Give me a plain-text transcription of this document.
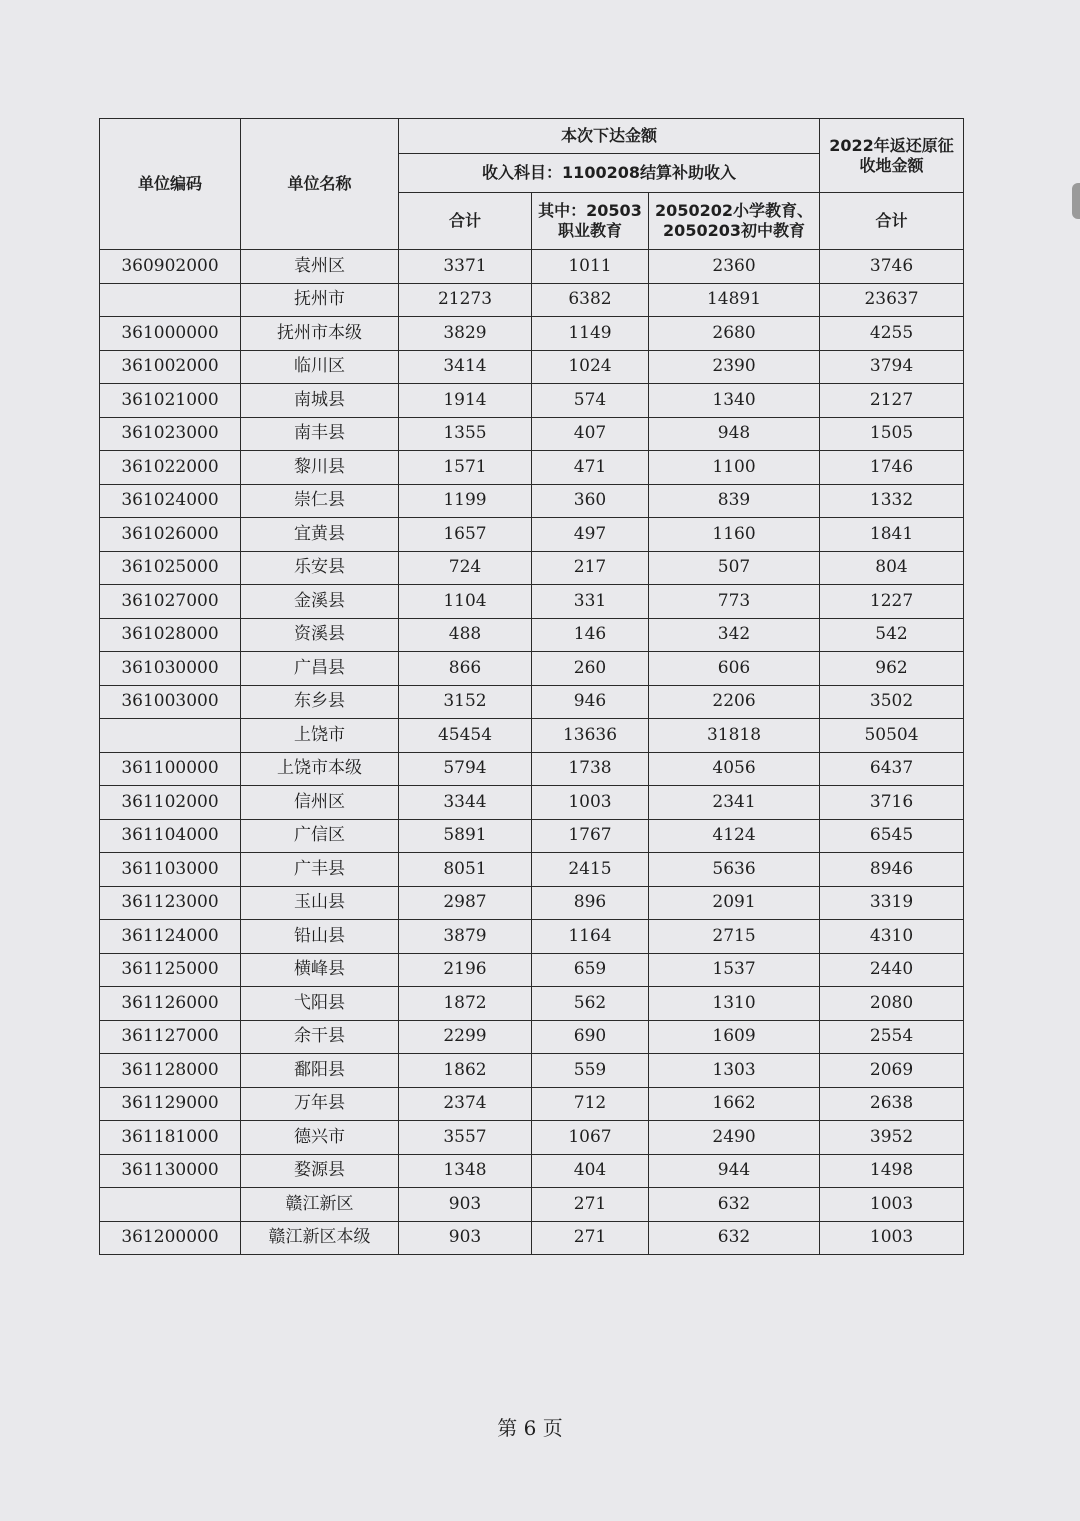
单位编码	单位名称	本次下达金额			2022年返还原征收地金额
		收入科目：1100208结算补助收入			
		合计	其中：20503职业教育	2050202小学教育、2050203初中教育	合计
360902000	袁州区	3371	1011	2360	3746
	抚州市	21273	6382	14891	23637
361000000	抚州市本级	3829	1149	2680	4255
361002000	临川区	3414	1024	2390	3794
361021000	南城县	1914	574	1340	2127
361023000	南丰县	1355	407	948	1505
361022000	黎川县	1571	471	1100	1746
361024000	崇仁县	1199	360	839	1332
361026000	宜黄县	1657	497	1160	1841
361025000	乐安县	724	217	507	804
361027000	金溪县	1104	331	773	1227
361028000	资溪县	488	146	342	542
361030000	广昌县	866	260	606	962
361003000	东乡县	3152	946	2206	3502
	上饶市	45454	13636	31818	50504
361100000	上饶市本级	5794	1738	4056	6437
361102000	信州区	3344	1003	2341	3716
361104000	广信区	5891	1767	4124	6545
361103000	广丰县	8051	2415	5636	8946
361123000	玉山县	2987	896	2091	3319
361124000	铅山县	3879	1164	2715	4310
361125000	横峰县	2196	659	1537	2440
361126000	弋阳县	1872	562	1310	2080
361127000	余干县	2299	690	1609	2554
361128000	鄱阳县	1862	559	1303	2069
361129000	万年县	2374	712	1662	2638
361181000	德兴市	3557	1067	2490	3952
361130000	婺源县	1348	404	944	1498
	赣江新区	903	271	632	1003
361200000	赣江新区本级	903	271	632	1003
第 6 页
